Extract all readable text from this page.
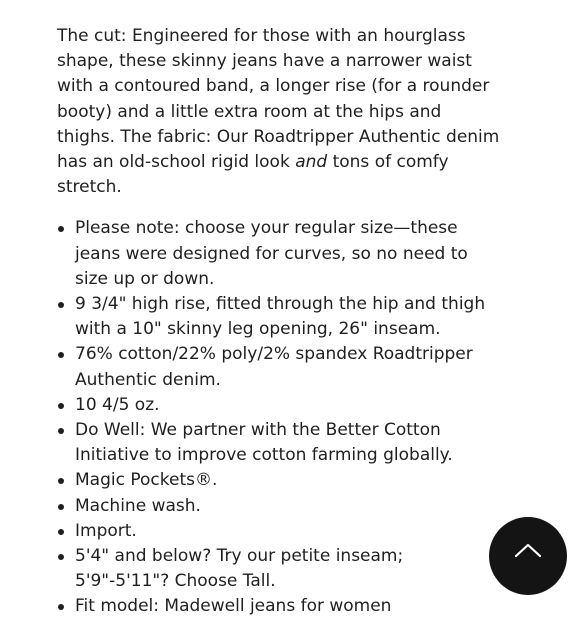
The cut: Engineered for those with an hourglass shape, these skinny jeans have a narrower waist with a contoured band, a longer rise (for a rounder booty) and a little extra room at the hips and thighs. The fabric: Our Roadtripper Authentic denim has an old-school rigid look and tons of comfy stretch.

Please note: choose your regular size—these jeans were designed for curves, so no need to size up or down.
9 3/4" high rise, fitted through the hip and thigh with a 10" skinny leg opening, 26" inseam.
76% cotton/22% poly/2% spandex Roadtripper Authentic denim.
10 4/5 oz.
Do Well: We partner with the Better Cotton Initiative to improve cotton farming globally.
Magic Pockets®.
Machine wash.
Import.
5'4" and below? Try our petite inseam; 5'9"-5'11"? Choose Tall.
Fit model: Madewell jeans for women
